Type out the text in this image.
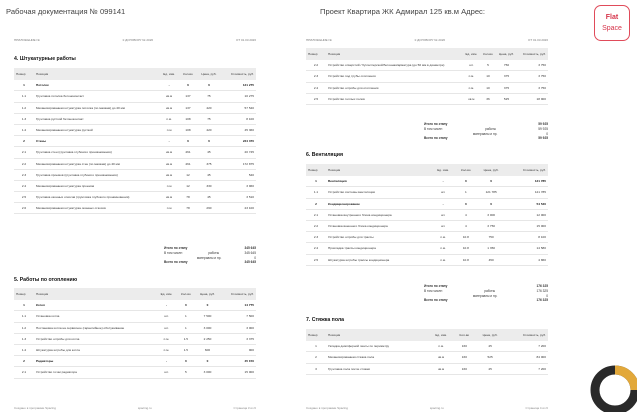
Рабочая документация № 099141	Проект Квартира ЖК Адмирал 125 кв.м Адрес:
Flat
Space
ПРИЛОЖЕНИЕ №	К ДОГОВОРУ № 2026	ОТ 01.03.2026
4. Штукатурные работы
Номер	Позиция	Ед. изм.	Кол-во	Цена, руб.	Стоимость, руб.
1	Потолок	-	0	0	121 275
1.1	Грунтовка потолка бетоноконтакт	кв.м	137	75	10 275
1.2	Механизированная штукатурка потолка (по маякам) до 40 мм	кв.м	137	420	57 540
1.3	Грунтовка русткой бетоноконтакт	п.м.	108	75	8 100
1.4	Механизированная штукатурка русткой	п.м	108	420	45 360
2	Стены	-	0	0	224 370
2.1	Грунтовка стен (грунтовка глубокого проникновения)	кв.м	461	45	20 745
2.2	Механизированная штукатурка стен (по маякам) до 40 мм	кв.м	461	375	172 875
2.3	Грунтовка проемов (грунтовка глубокого проникновения)	кв.м	12	45	540
2.4	Механизированная штукатурка проемов	п.м	12	330	3 960
2.5	Грунтовка оконных откосов (грунтовка глубокого проникновения)	кв.м	78	45	3 510
2.6	Механизированная штукатурка оконных откосов	п.м	78	290	23 100
Итого по этапу	345 645
В том числе:	работы	345 645
материалы и пр.	0
Всего по этапу	345 645
5. Работы по отоплению
Номер	Позиция	Ед. изм.	Кол-во	Цена, руб.	Стоимость, руб.
1	Котел	-	0	0	14 775
1.1	Установка котла	шт.	1	7 500	7 500
1.2	Постановка котла на сервисное (гарантийное) обслуживание	шт.	1	3 000	3 000
1.3	Устройство штробы для котла	п.м.	1.5	2 250	3 375
1.4	Штукатурка штробы для котла	п.м.	1.5	600	900
2	Радиаторы	-	0	0	45 150
2.1	Устройство точки радиатора	шт.	5	3 000	15 000
Создано в программе Spacing	spacing.ru	Страница 3 из 6
ПРИЛОЖЕНИЕ №	К ДОГОВОРУ № 2026	ОТ 01.03.2026
Номер	Позиция	Ед. изм.	Кол-во	Цена, руб.	Стоимость, руб.
2.2	Устройство отверстий / бухгалтерской/бетонная/арматура (до 50 мм в диаметре)	шт.	5	750	3 750
2.3	Устройство под трубы отопления	п.м.	10	375	3 750
2.4	Устройство штробы для отопления	п.м.	10	375	3 750
2.5	Устройство теплых полов	кв.м	36	525	18 900
Итого по этапу	59 925
В том числе:	работы	59 925
материалы и пр.	0
Всего по этапу	59 925
6. Вентиляция
Номер	Позиция	Ед. изм.	Кол-во	Цена, руб.	Стоимость, руб.
1	Вентиляция	-	0	0	121 785
1.1	Устройство системы вентиляции	шт.	1	121 785	121 785
2	Кондиционирование	-	0	0	54 540
2.1	Установка внутреннего блока кондиционера	шт.	4	3 000	12 000
2.2	Установка внешнего блока кондиционера	шт.	4	3 750	15 000
2.3	Устройство штробы для трассы	п.м.	10.8	750	8 100
2.4	Прокладка трассы кондиционера	п.м.	10.8	1 350	14 580
2.5	Штукатурка штробы трассы кондиционера	п.м.	10.8	450	4 860
Итого по этапу	176 325
В том числе:	работы	176 325
материалы и пр.	0
Всего по этапу	176 325
7. Стяжка пола
Номер	Позиция	Ед. изм.	Кол-во	Цена, руб.	Стоимость, руб.
1	Укладка демпферной ленты по периметру	п.м.	160	45	7 200
2	Механизированная стяжка пола	кв.м	160	525	84 000
3	Грунтовка пола после стяжки	кв.м	160	45	7 200
Создано в программе Spacing	spacing.ru	Страница 4 из 6
